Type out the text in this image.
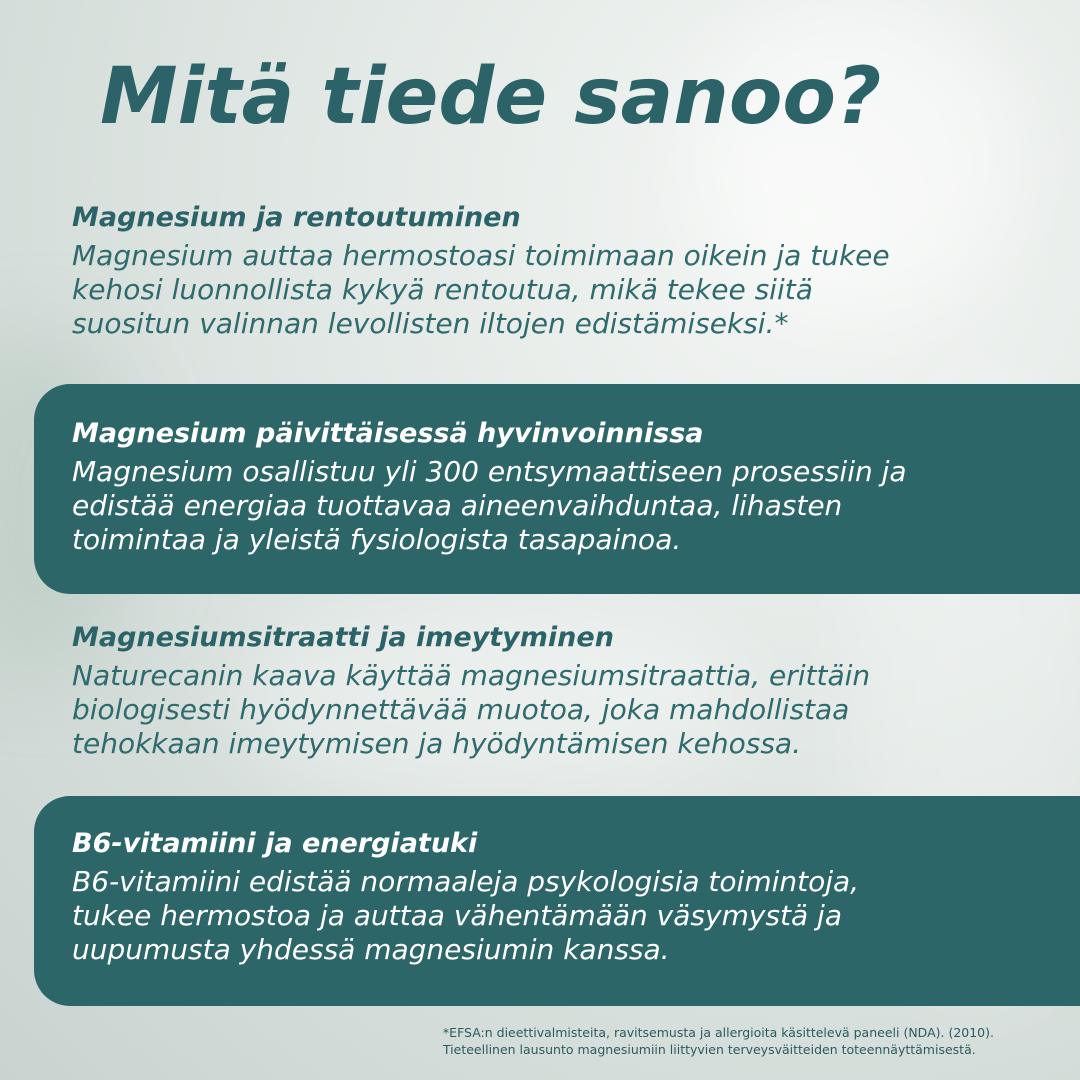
Mitä tiede sanoo?
Magnesium ja rentoutuminen

Magnesium auttaa hermostoasi toimimaan oikein ja tukee
kehosi luonnollista kykyä rentoutua, mikä tekee siitä
suositun valinnan levollisten iltojen edistämiseksi.*

Magnesium päivittäisessä hyvinvoinnissa

Magnesium osallistuu yli 300 entsymaattiseen prosessiin ja
edistää energiaa tuottavaa aineenvaihduntaa, lihasten
toimintaa ja yleistä fysiologista tasapainoa.

Magnesiumsitraatti ja imeytyminen

Naturecanin kaava käyttää magnesiumsitraattia, erittäin
biologisesti hyödynnettävää muotoa, joka mahdollistaa
tehokkaan imeytymisen ja hyödyntämisen kehossa.

B6-vitamiini ja energiatuki

B6-vitamiini edistää normaaleja psykologisia toimintoja,
tukee hermostoa ja auttaa vähentämään väsymystä ja
uupumusta yhdessä magnesiumin kanssa.

*EFSA:n dieettivalmisteita, ravitsemusta ja allergioita käsittelevä paneeli (NDA). (2010).
Tieteellinen lausunto magnesiumiin liittyvien terveysväitteiden toteennäyttämisestä.
